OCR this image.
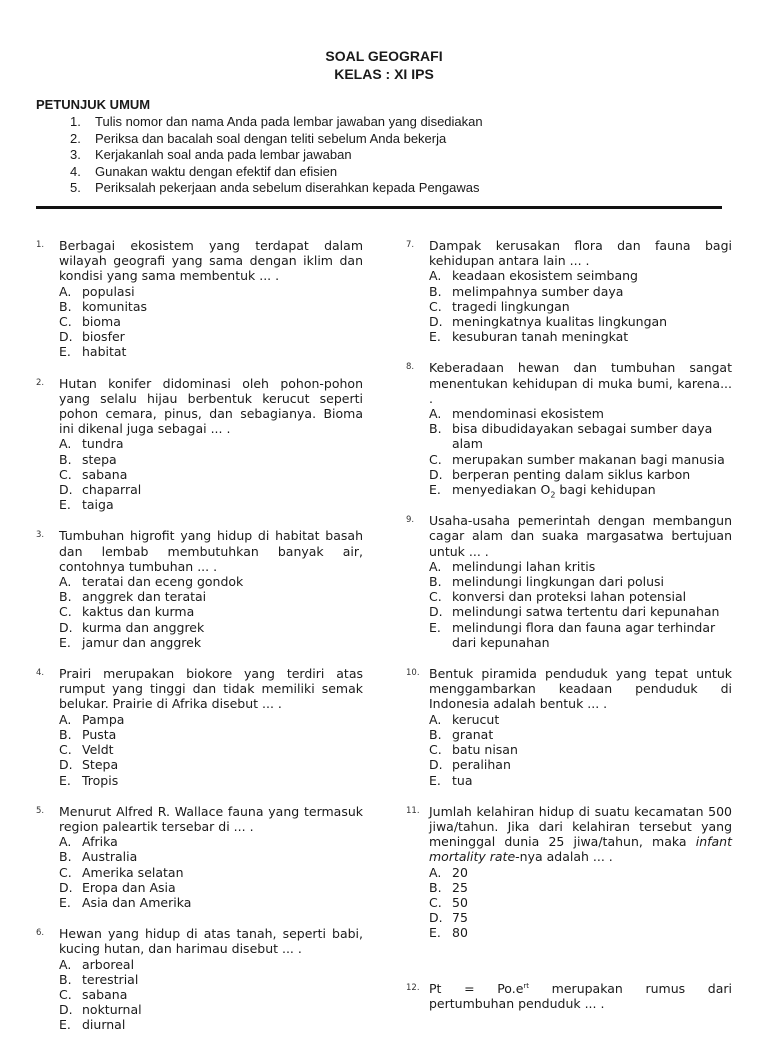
SOAL GEOGRAFI
KELAS : XI IPS
PETUNJUK UMUM
1.	Tulis nomor dan nama Anda pada lembar jawaban yang disediakan
2.	Periksa dan bacalah soal dengan teliti sebelum Anda bekerja
3.	Kerjakanlah soal anda pada lembar jawaban
4.	Gunakan waktu dengan efektif dan efisien
5.	Periksalah pekerjaan anda sebelum diserahkan kepada Pengawas
1.	Berbagai ekosistem yang terdapat dalam wilayah geografi yang sama dengan iklim dan kondisi yang sama membentuk ... .
A. populasi
B. komunitas
C. bioma
D. biosfer
E. habitat
2.	Hutan konifer didominasi oleh pohon-pohon yang selalu hijau berbentuk kerucut seperti pohon cemara, pinus, dan sebagianya. Bioma ini dikenal juga sebagai ... .
A. tundra
B. stepa
C. sabana
D. chaparral
E. taiga
3.	Tumbuhan higrofit yang hidup di habitat basah dan lembab membutuhkan banyak air, contohnya tumbuhan ... .
A. teratai dan eceng gondok
B. anggrek dan teratai
C. kaktus dan kurma
D. kurma dan anggrek
E. jamur dan anggrek
4.	Prairi merupakan biokore yang terdiri atas rumput yang tinggi dan tidak memiliki semak belukar. Prairie di Afrika disebut ... .
A. Pampa
B. Pusta
C. Veldt
D. Stepa
E. Tropis
5.	Menurut Alfred R. Wallace fauna yang termasuk region paleartik tersebar di ... .
A. Afrika
B. Australia
C. Amerika selatan
D. Eropa dan Asia
E. Asia dan Amerika
6.	Hewan yang hidup di atas tanah, seperti babi, kucing hutan, dan harimau disebut ... .
A. arboreal
B. terestrial
C. sabana
D. nokturnal
E. diurnal
7.	Dampak kerusakan flora dan fauna bagi kehidupan antara lain ... .
A. keadaan ekosistem seimbang
B. melimpahnya sumber daya
C. tragedi lingkungan
D. meningkatnya kualitas lingkungan
E. kesuburan tanah meningkat
8.	Keberadaan hewan dan tumbuhan sangat menentukan kehidupan di muka bumi, karena... .
A. mendominasi ekosistem
B. bisa dibudidayakan sebagai sumber daya alam
C. merupakan sumber makanan bagi manusia
D. berperan penting dalam siklus karbon
E. menyediakan $O_2$ bagi kehidupan
9.	Usaha-usaha pemerintah dengan membangun cagar alam dan suaka margasatwa bertujuan untuk ... .
A. melindungi lahan kritis
B. melindungi lingkungan dari polusi
C. konversi dan proteksi lahan potensial
D. melindungi satwa tertentu dari kepunahan
E. melindungi flora dan fauna agar terhindar dari kepunahan
10. Bentuk piramida penduduk yang tepat untuk menggambarkan keadaan penduduk di Indonesia adalah bentuk ... .
A. kerucut
B. granat
C. batu nisan
D. peralihan
E. tua
11. Jumlah kelahiran hidup di suatu kecamatan 500 jiwa/tahun. Jika dari kelahiran tersebut yang meninggal dunia 25 jiwa/tahun, maka infant mortality rate-nya adalah ... .
A. 20
B. 25
C. 50
D. 75
E. 80
12. Pt    =    $Po.e^{rt}$    merupakan    rumus    dari pertumbuhan penduduk ... .
